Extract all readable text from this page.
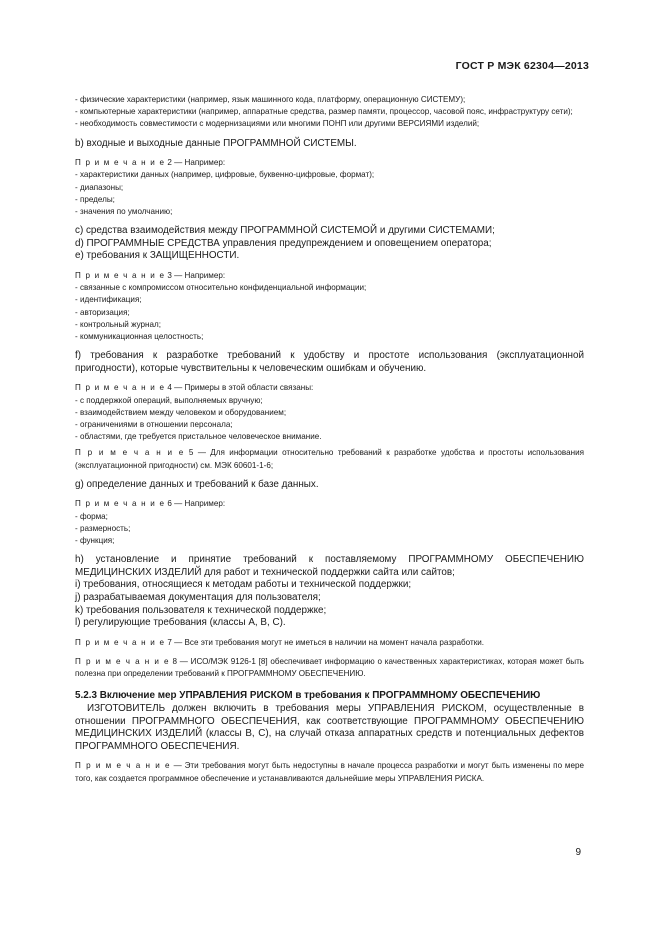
ГОСТ Р МЭК 62304—2013

- физические характеристики (например, язык машинного кода, платформу, операционную СИСТЕМУ);

- компьютерные характеристики (например, аппаратные средства, размер памяти, процессор, часовой пояс, инфраструктуру сети);

- необходимость совместимости с модернизациями или многими ПОНП или другими ВЕРСИЯМИ изделий;

b) входные и выходные данные ПРОГРАММНОЙ СИСТЕМЫ.

П р и м е ч а н и е 2 — Например:

- характеристики данных (например, цифровые, буквенно-цифровые, формат);

- диапазоны;

- пределы;

- значения по умолчанию;

c) средства взаимодействия между ПРОГРАММНОЙ СИСТЕМОЙ и другими СИСТЕМАМИ;

d) ПРОГРАММНЫЕ СРЕДСТВА управления предупреждением и оповещением оператора;

e) требования к ЗАЩИЩЕННОСТИ.

П р и м е ч а н и е 3 — Например:

- связанные с компромиссом относительно конфиденциальной информации;

- идентификация;

- авторизация;

- контрольный журнал;

- коммуникационная целостность;

f) требования к разработке требований к удобству и простоте использования (эксплуатационной пригодности), которые чувствительны к человеческим ошибкам и обучению.

П р и м е ч а н и е 4 — Примеры в этой области связаны:

- с поддержкой операций, выполняемых вручную;

- взаимодействием между человеком и оборудованием;

- ограничениями в отношении персонала;

- областями, где требуется пристальное человеческое внимание.

П р и м е ч а н и е 5 — Для информации относительно требований к разработке удобства и простоты использования (эксплуатационной пригодности) см. МЭК 60601-1-6;

g) определение данных и требований к базе данных.

П р и м е ч а н и е 6 — Например:

- форма;

- размерность;

- функция;

h) установление и принятие требований к поставляемому ПРОГРАММНОМУ ОБЕСПЕЧЕНИЮ МЕДИЦИНСКИХ ИЗДЕЛИЙ для работ и технической поддержки сайта или сайтов;

i) требования, относящиеся к методам работы и технической поддержки;

j) разрабатываемая документация для пользователя;

k) требования пользователя к технической поддержке;

l) регулирующие требования (классы A, B, C).

П р и м е ч а н и е 7 — Все эти требования могут не иметься в наличии на момент начала разработки.

П р и м е ч а н и е 8 — ИСО/МЭК 9126-1 [8] обеспечивает информацию о качественных характеристиках, которая может быть полезна при определении требований к ПРОГРАММНОМУ ОБЕСПЕЧЕНИЮ.

5.2.3 Включение мер УПРАВЛЕНИЯ РИСКОМ в требования к ПРОГРАММНОМУ ОБЕСПЕЧЕНИЮ

ИЗГОТОВИТЕЛЬ должен включить в требования меры УПРАВЛЕНИЯ РИСКОМ, осуществленные в отношении ПРОГРАММНОГО ОБЕСПЕЧЕНИЯ, как соответствующие ПРОГРАММНОМУ ОБЕСПЕЧЕНИЮ МЕДИЦИНСКИХ ИЗДЕЛИЙ (классы B, C), на случай отказа аппаратных средств и потенциальных дефектов ПРОГРАММНОГО ОБЕСПЕЧЕНИЯ.

П р и м е ч а н и е — Эти требования могут быть недоступны в начале процесса разработки и могут быть изменены по мере того, как создается программное обеспечение и устанавливаются дальнейшие меры УПРАВЛЕНИЯ РИСКА.

9
